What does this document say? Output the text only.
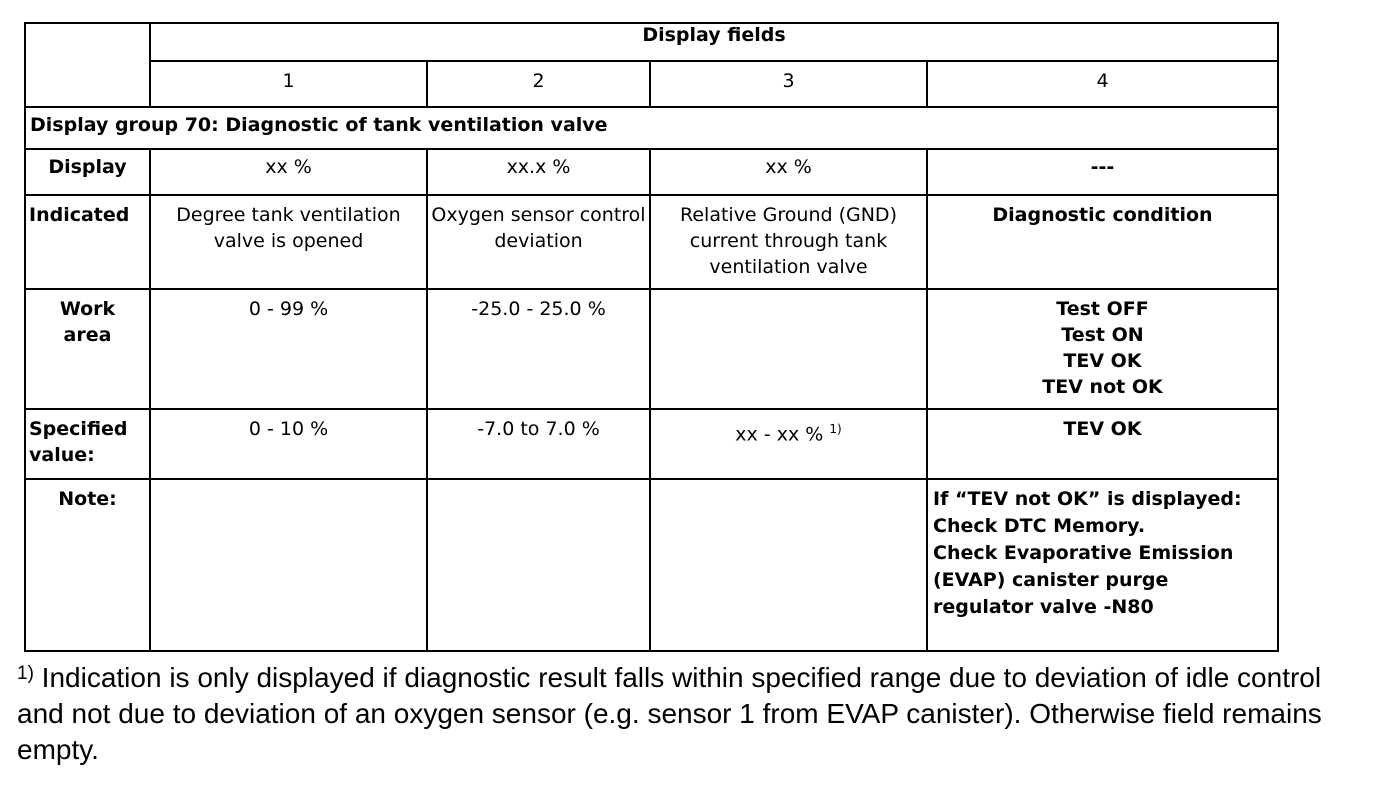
	Display fields			
	1	2	3	4
Display group 70: Diagnostic of tank ventilation valve				
Display	xx %	xx.x %	xx %	---
Indicated	Degree tank ventilation valve is opened	Oxygen sensor control deviation	Relative Ground (GND) current through tank ventilation valve	Diagnostic condition
Work area	0 - 99 %	-25.0 - 25.0 %		Test OFF
Test ON
TEV OK
TEV not OK

Specified value:	0 - 10 %	-7.0 to 7.0 %	xx - xx % $^{1)}$	TEV OK
Note:				If “TEV not OK” is displayed:
Check DTC Memory.
Check Evaporative Emission
(EVAP) canister purge
regulator valve -N80
$^{1)}$ Indication is only displayed if diagnostic result falls within specified range due to deviation of idle control and not due to deviation of an oxygen sensor (e.g. sensor 1 from EVAP canister). Otherwise field remains empty.
